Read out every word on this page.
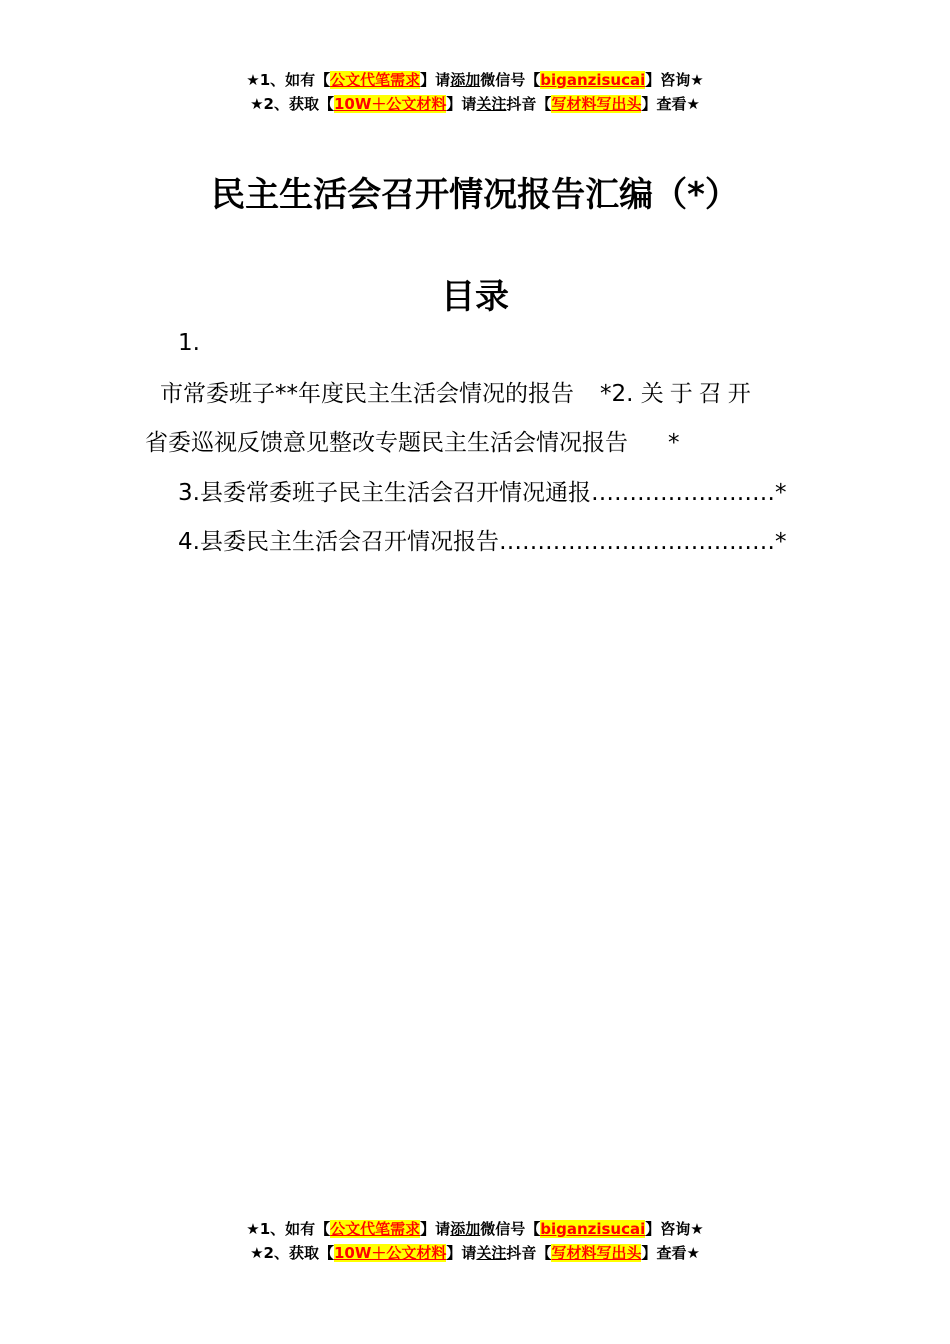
★1、如有【公文代笔需求】请添加微信号【biganzisucai】咨询★
★2、获取【10W＋公文材料】请关注抖音【写材料写出头】查看★
民主生活会召开情况报告汇编（*）
目录
1.
市常委班子**年度民主生活会情况的报告 *2. 关于召开
省委巡视反馈意见整改专题民主生活会情况报告 *
3.县委常委班子民主生活会召开情况通报……………………*
4.县委民主生活会召开情况报告………………………………*
★1、如有【公文代笔需求】请添加微信号【biganzisucai】咨询★
★2、获取【10W＋公文材料】请关注抖音【写材料写出头】查看★
